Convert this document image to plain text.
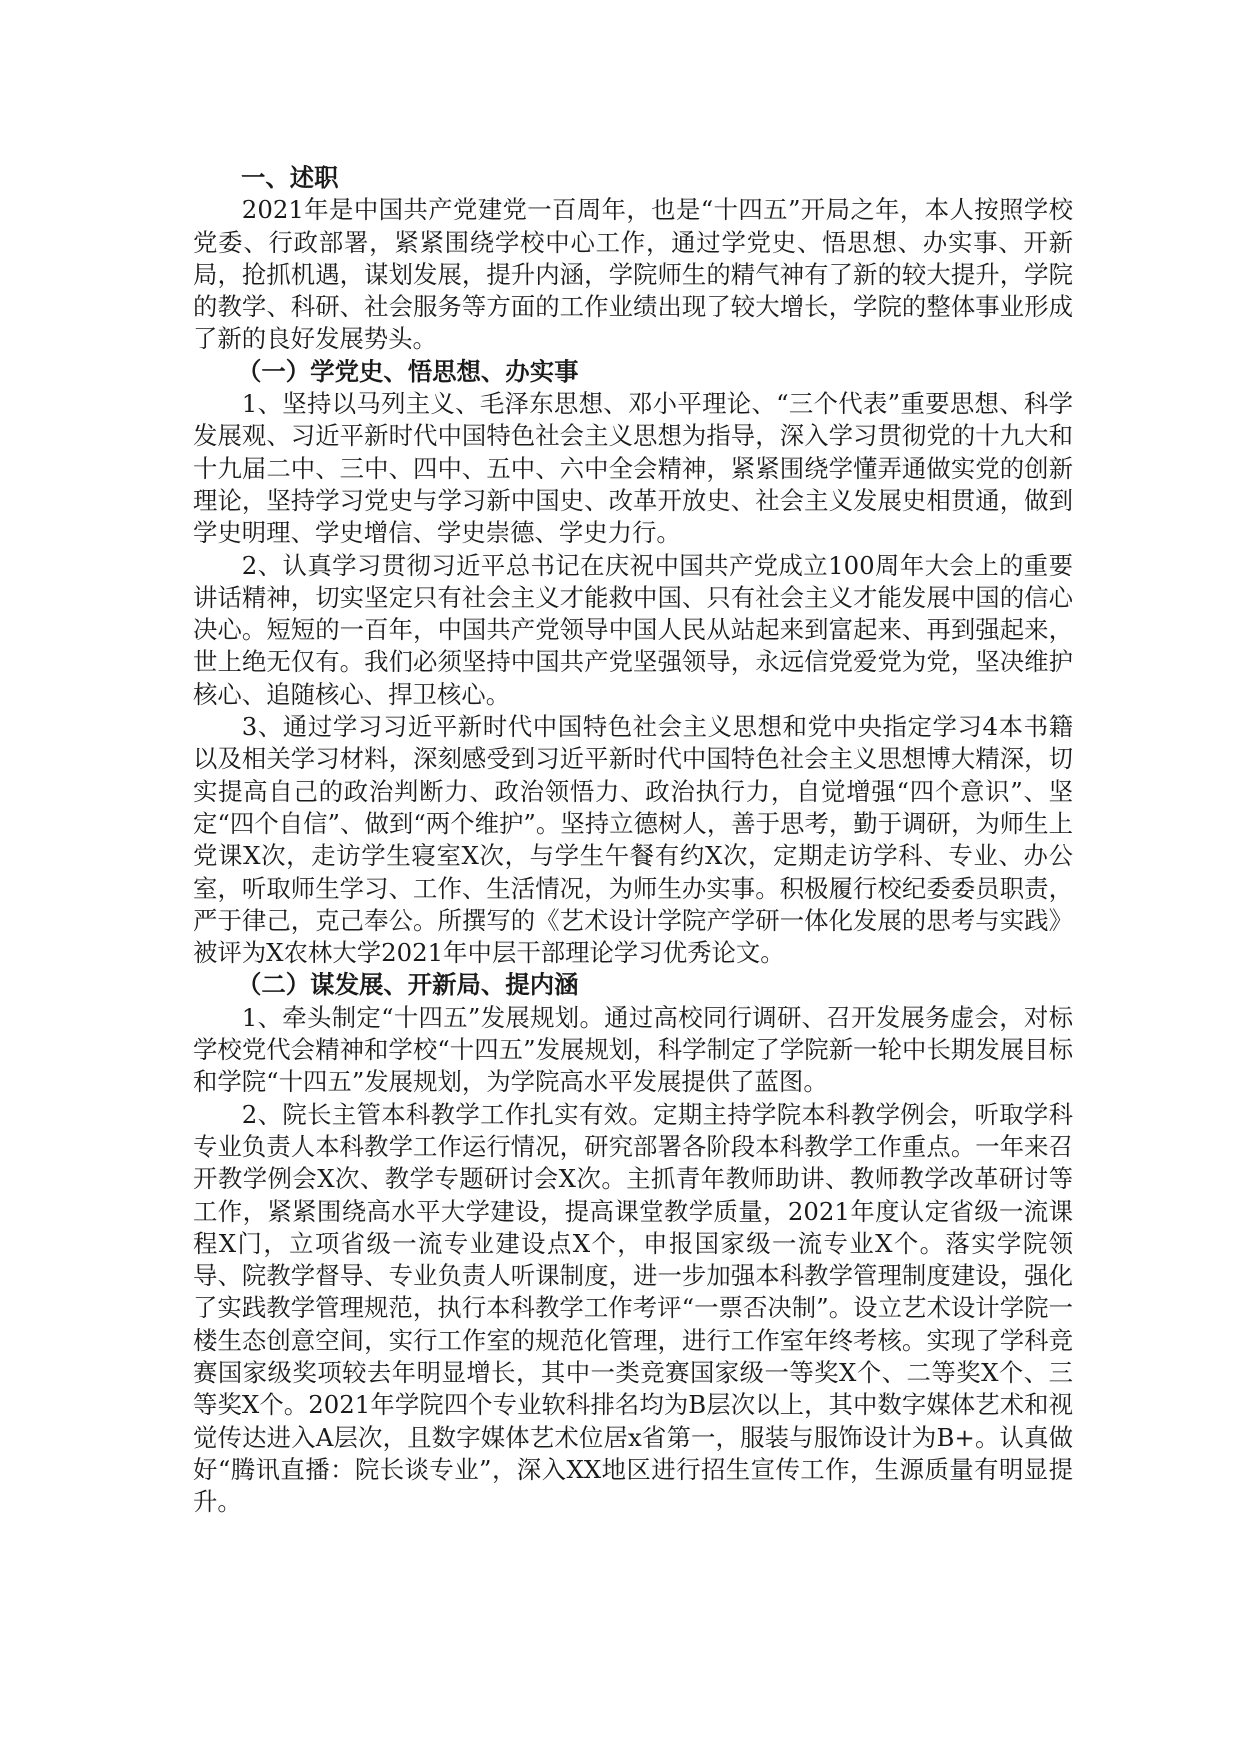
一、述职

2021年是中国共产党建党一百周年，也是“十四五”开局之年，本人按照学校党委、行政部署，紧紧围绕学校中心工作，通过学党史、悟思想、办实事、开新局，抢抓机遇，谋划发展，提升内涵，学院师生的精气神有了新的较大提升，学院的教学、科研、社会服务等方面的工作业绩出现了较大增长，学院的整体事业形成了新的良好发展势头。

（一）学党史、悟思想、办实事

1、坚持以马列主义、毛泽东思想、邓小平理论、“三个代表”重要思想、科学发展观、习近平新时代中国特色社会主义思想为指导，深入学习贯彻党的十九大和十九届二中、三中、四中、五中、六中全会精神，紧紧围绕学懂弄通做实党的创新理论，坚持学习党史与学习新中国史、改革开放史、社会主义发展史相贯通，做到学史明理、学史增信、学史崇德、学史力行。

2、认真学习贯彻习近平总书记在庆祝中国共产党成立100周年大会上的重要讲话精神，切实坚定只有社会主义才能救中国、只有社会主义才能发展中国的信心决心。短短的一百年，中国共产党领导中国人民从站起来到富起来、再到强起来，世上绝无仅有。我们必须坚持中国共产党坚强领导，永远信党爱党为党，坚决维护核心、追随核心、捍卫核心。

3、通过学习习近平新时代中国特色社会主义思想和党中央指定学习4本书籍以及相关学习材料，深刻感受到习近平新时代中国特色社会主义思想博大精深，切实提高自己的政治判断力、政治领悟力、政治执行力，自觉增强“四个意识”、坚定“四个自信”、做到“两个维护”。坚持立德树人，善于思考，勤于调研，为师生上党课X次，走访学生寝室X次，与学生午餐有约X次，定期走访学科、专业、办公室，听取师生学习、工作、生活情况，为师生办实事。积极履行校纪委委员职责，严于律己，克己奉公。所撰写的《艺术设计学院产学研一体化发展的思考与实践》被评为X农林大学2021年中层干部理论学习优秀论文。

（二）谋发展、开新局、提内涵

1、牵头制定“十四五”发展规划。通过高校同行调研、召开发展务虚会，对标学校党代会精神和学校“十四五”发展规划，科学制定了学院新一轮中长期发展目标和学院“十四五”发展规划，为学院高水平发展提供了蓝图。

2、院长主管本科教学工作扎实有效。定期主持学院本科教学例会，听取学科专业负责人本科教学工作运行情况，研究部署各阶段本科教学工作重点。一年来召开教学例会X次、教学专题研讨会X次。主抓青年教师助讲、教师教学改革研讨等工作，紧紧围绕高水平大学建设，提高课堂教学质量，2021年度认定省级一流课程X门，立项省级一流专业建设点X个，申报国家级一流专业X个。落实学院领导、院教学督导、专业负责人听课制度，进一步加强本科教学管理制度建设，强化了实践教学管理规范，执行本科教学工作考评“一票否决制”。设立艺术设计学院一楼生态创意空间，实行工作室的规范化管理，进行工作室年终考核。实现了学科竞赛国家级奖项较去年明显增长，其中一类竞赛国家级一等奖X个、二等奖X个、三等奖X个。2021年学院四个专业软科排名均为B层次以上，其中数字媒体艺术和视觉传达进入A层次，且数字媒体艺术位居x省第一，服装与服饰设计为B+。认真做好“腾讯直播：院长谈专业”，深入XX地区进行招生宣传工作，生源质量有明显提升。
